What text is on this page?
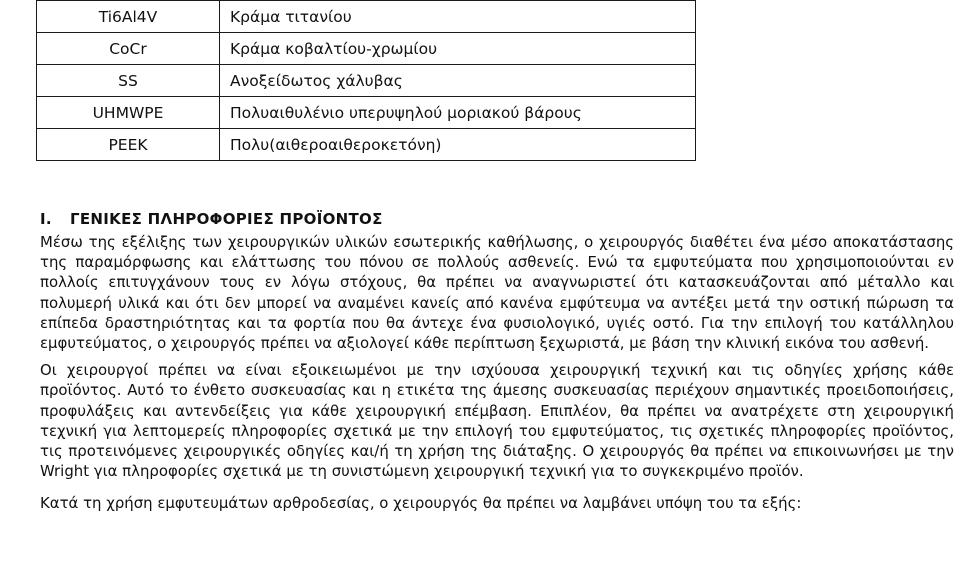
Ti6Al4V	Κράμα τιτανίου
CoCr	Κράμα κοβαλτίου-χρωμίου
SS	Ανοξείδωτος χάλυβας
UHMWPE	Πολυαιθυλένιο υπερυψηλού μοριακού βάρους
PEEK	Πολυ(αιθεροαιθεροκετόνη)
I.	ΓΕΝΙΚΕΣ ΠΛΗΡΟΦΟΡΙΕΣ ΠΡΟΪΟΝΤΟΣ

Μέσω της εξέλιξης των χειρουργικών υλικών εσωτερικής καθήλωσης, ο χειρουργός διαθέτει ένα μέσο αποκατάστασης της παραμόρφωσης και ελάττωσης του πόνου σε πολλούς ασθενείς. Ενώ τα εμφυτεύματα που χρησιμοποιούνται εν πολλοίς επιτυγχάνουν τους εν λόγω στόχους, θα πρέπει να αναγνωριστεί ότι κατασκευάζονται από μέταλλο και πολυμερή υλικά και ότι δεν μπορεί να αναμένει κανείς από κανένα εμφύτευμα να αντέξει μετά την οστική πώρωση τα επίπεδα δραστηριότητας και τα φορτία που θα άντεχε ένα φυσιολογικό, υγιές οστό. Για την επιλογή του κατάλληλου εμφυτεύματος, ο χειρουργός πρέπει να αξιολογεί κάθε περίπτωση ξεχωριστά, με βάση την κλινική εικόνα του ασθενή.

Οι χειρουργοί πρέπει να είναι εξοικειωμένοι με την ισχύουσα χειρουργική τεχνική και τις οδηγίες χρήσης κάθε προϊόντος. Αυτό το ένθετο συσκευασίας και η ετικέτα της άμεσης συσκευασίας περιέχουν σημαντικές προειδοποιήσεις, προφυλάξεις και αντενδείξεις για κάθε χειρουργική επέμβαση. Επιπλέον, θα πρέπει να ανατρέχετε στη χειρουργική τεχνική για λεπτομερείς πληροφορίες σχετικά με την επιλογή του εμφυτεύματος, τις σχετικές πληροφορίες προϊόντος, τις προτεινόμενες χειρουργικές οδηγίες και/ή τη χρήση της διάταξης. Ο χειρουργός θα πρέπει να επικοινωνήσει με την Wright για πληροφορίες σχετικά με τη συνιστώμενη χειρουργική τεχνική για το συγκεκριμένο προϊόν.

Κατά τη χρήση εμφυτευμάτων αρθροδεσίας, ο χειρουργός θα πρέπει να λαμβάνει υπόψη του τα εξής:
